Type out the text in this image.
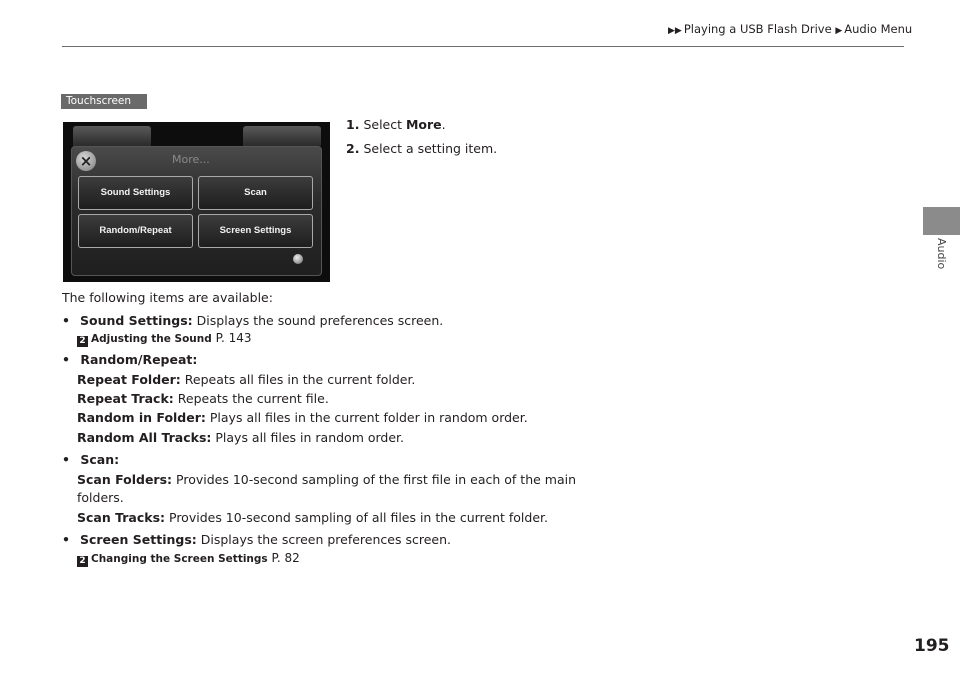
▶▶ Playing a USB Flash Drive ▶ Audio Menu
Audio
Touchscreen
×	More...
Sound Settings	Scan
Random/Repeat	Screen Settings
1. Select More.
2. Select a setting item.
The following items are available:
• Sound Settings: Displays the sound preferences screen.
2 Adjusting the Sound P. 143
• Random/Repeat:
Repeat Folder: Repeats all files in the current folder.
Repeat Track: Repeats the current file.
Random in Folder: Plays all files in the current folder in random order.
Random All Tracks: Plays all files in random order.
• Scan:
Scan Folders: Provides 10-second sampling of the first file in each of the main
folders.
Scan Tracks: Provides 10-second sampling of all files in the current folder.
• Screen Settings: Displays the screen preferences screen.
2 Changing the Screen Settings P. 82
195
